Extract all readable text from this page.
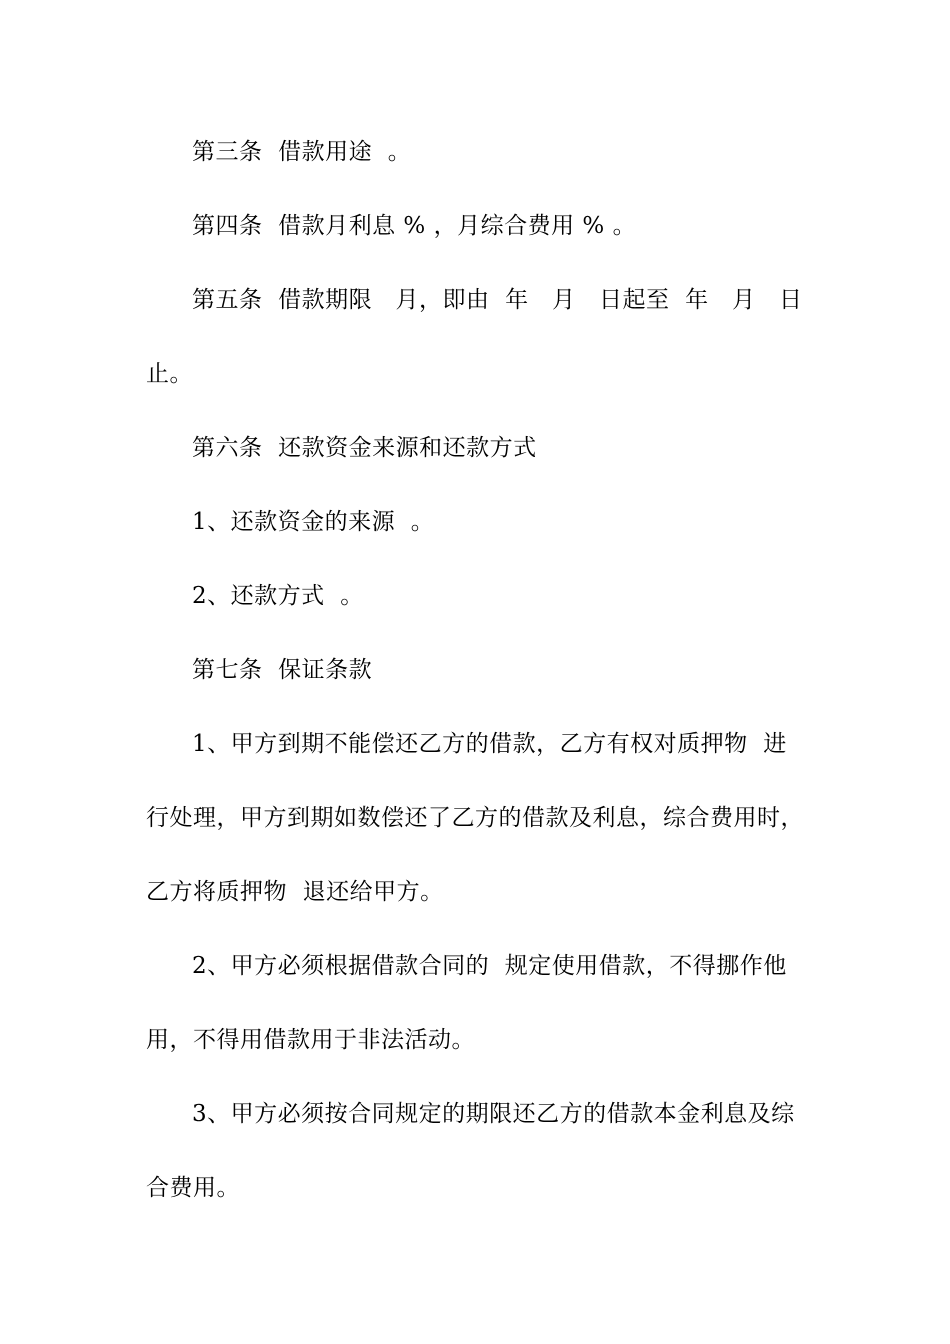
第三条  借款用途  。
第四条  借款月利息 % ，月综合费用 % 。
第五条  借款期限   月，即由  年   月   日起至  年   月   日
止。
第六条  还款资金来源和还款方式
1、还款资金的来源  。
2、还款方式  。
第七条  保证条款
1、甲方到期不能偿还乙方的借款，乙方有权对质押物  进
行处理，甲方到期如数偿还了乙方的借款及利息，综合费用时，
乙方将质押物  退还给甲方。
2、甲方必须根据借款合同的  规定使用借款，不得挪作他
用，不得用借款用于非法活动。
3、甲方必须按合同规定的期限还乙方的借款本金利息及综
合费用。
